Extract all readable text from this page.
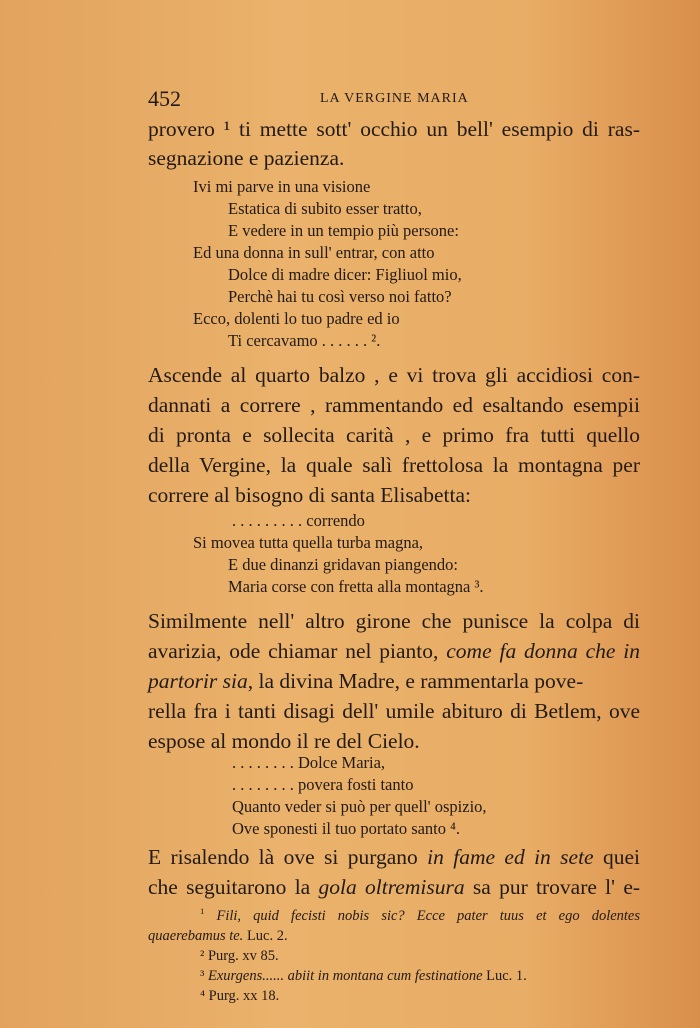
452	LA VERGINE MARIA
provero ¹ ti mette sott' occhio un bell' esempio di ras-
segnazione e pazienza.
Ivi mi parve in una visione
Estatica di subito esser tratto,
E vedere in un tempio più persone:
Ed una donna in sull' entrar, con atto
Dolce di madre dicer: Figliuol mio,
Perchè hai tu così verso noi fatto?
Ecco, dolenti lo tuo padre ed io
Ti cercavamo . . . . . . ².
Ascende al quarto balzo , e vi trova gli accidiosi con-
dannati a correre , rammentando ed esaltando esempii
di pronta e sollecita carità , e primo fra tutti quello
della Vergine, la quale salì frettolosa la montagna per
correre al bisogno di santa Elisabetta:
. . . . . . . . . correndo
Si movea tutta quella turba magna,
E due dinanzi gridavan piangendo:
Maria corse con fretta alla montagna ³.
Similmente nell' altro girone che punisce la colpa di
avarizia, ode chiamar nel pianto, come fa donna che in
partorir sia, la divina Madre, e rammentarla pove-
rella fra i tanti disagi dell' umile abituro di Betlem, ove
espose al mondo il re del Cielo.
. . . . . . . . Dolce Maria,
. . . . . . . . povera fosti tanto
Quanto veder si può per quell' ospizio,
Ove sponesti il tuo portato santo ⁴.
E risalendo là ove si purgano in fame ed in sete quei
che seguitarono la gola oltremisura sa pur trovare l' e-
$^1$ Fili, quid fecisti nobis sic? Ecce pater tuus et ego dolentes
quaerebamus te. Luc. 2.
² Purg. xv 85.
³ Exurgens...... abiit in montana cum festinatione Luc. 1.
⁴ Purg. xx 18.
